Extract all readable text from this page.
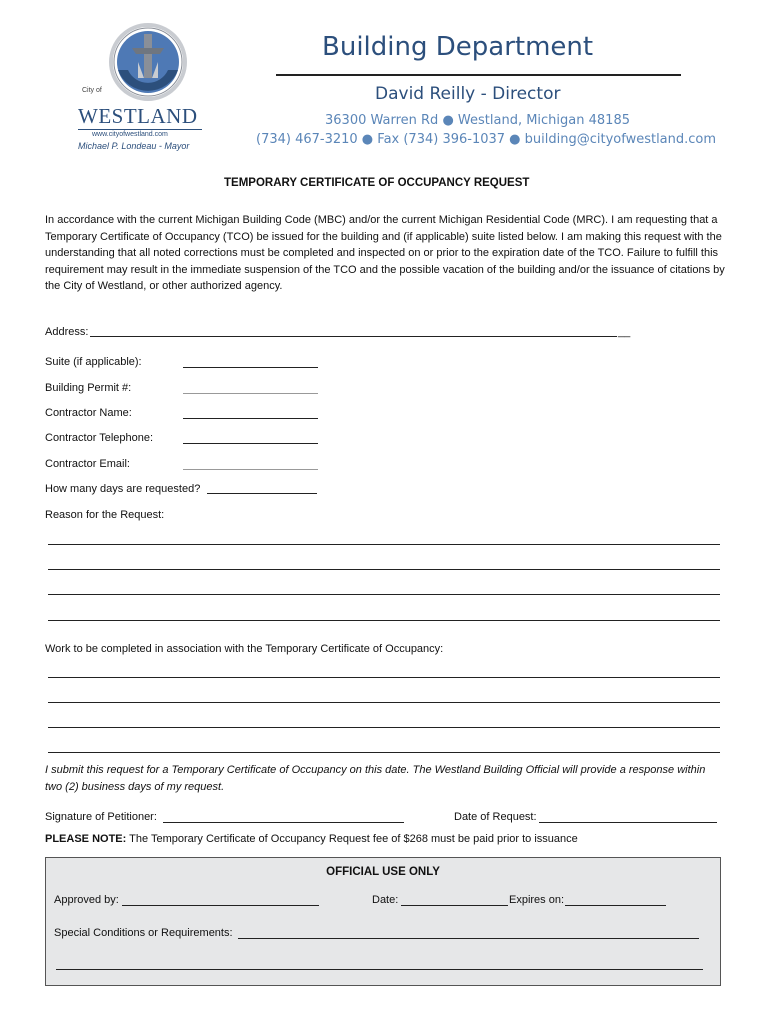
City of
WESTLAND
www.cityofwestland.com
Michael P. Londeau - Mayor
Building Department
David Reilly - Director
36300 Warren Rd ● Westland, Michigan 48185
(734) 467-3210 ● Fax (734) 396-1037 ● building@cityofwestland.com
TEMPORARY CERTIFICATE OF OCCUPANCY REQUEST
In accordance with the current Michigan Building Code (MBC) and/or the current Michigan Residential Code (MRC). I am requesting that a Temporary Certificate of Occupancy (TCO) be issued for the building and (if applicable) suite listed below. I am making this request with the understanding that all noted corrections must be completed and inspected on or prior to the expiration date of the TCO. Failure to fulfill this requirement may result in the immediate suspension of the TCO and the possible vacation of the building and/or the issuance of citations by the City of Westland, or other authorized agency.
Address:	__
Suite (if applicable):
Building Permit #:
Contractor Name:
Contractor Telephone:
Contractor Email:
How many days are requested?
Reason for the Request:
Work to be completed in association with the Temporary Certificate of Occupancy:
I submit this request for a Temporary Certificate of Occupancy on this date. The Westland Building Official will provide a response within two (2) business days of my request.
Signature of Petitioner:	Date of Request:
PLEASE NOTE: The Temporary Certificate of Occupancy Request fee of $268 must be paid prior to issuance
OFFICIAL USE ONLY
Approved by:	Date:	Expires on:
Special Conditions or Requirements:
